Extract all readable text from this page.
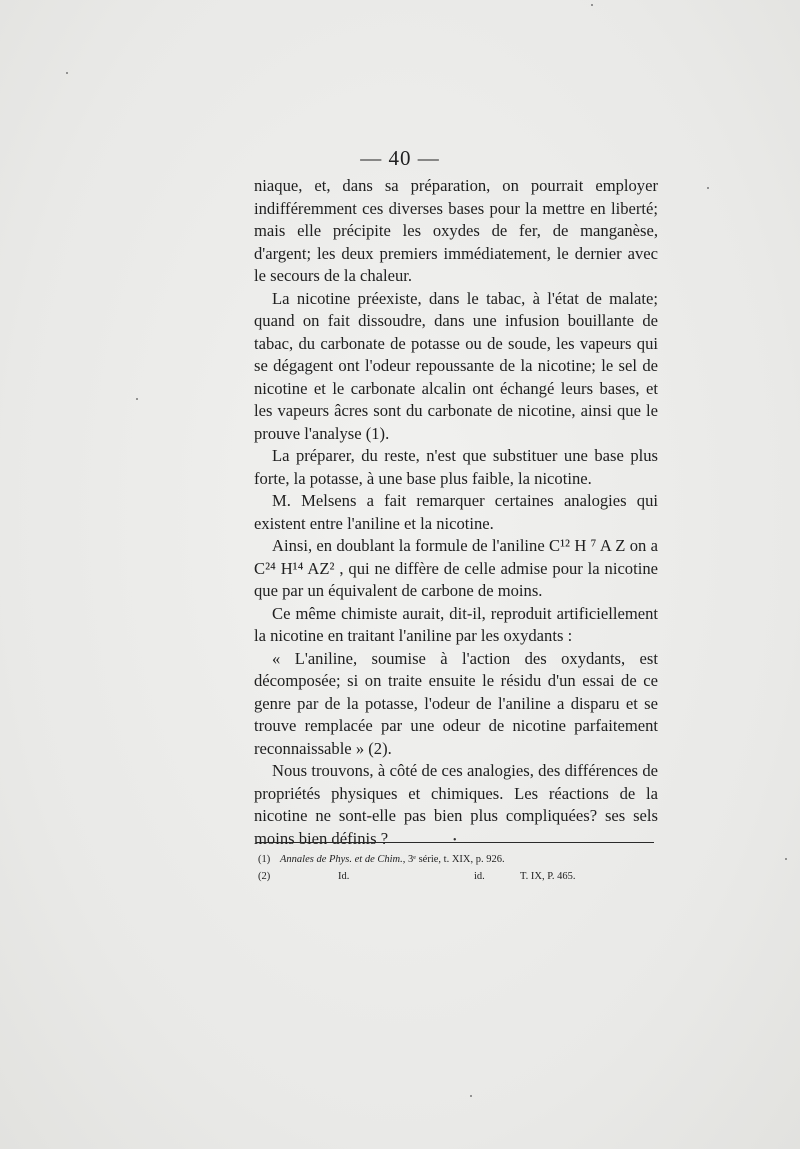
— 40 —

niaque, et, dans sa préparation, on pourrait employer indifféremment ces diverses bases pour la mettre en liberté; mais elle précipite les oxydes de fer, de manganèse, d'argent; les deux premiers immédiatement, le dernier avec le secours de la chaleur.

La nicotine préexiste, dans le tabac, à l'état de malate; quand on fait dissoudre, dans une infusion bouillante de tabac, du carbonate de potasse ou de soude, les vapeurs qui se dégagent ont l'odeur repoussante de la nicotine; le sel de nicotine et le carbonate alcalin ont échangé leurs bases, et les vapeurs âcres sont du carbonate de nicotine, ainsi que le prouve l'analyse (1).

La préparer, du reste, n'est que substituer une base plus forte, la potasse, à une base plus faible, la nicotine.

M. Melsens a fait remarquer certaines analogies qui existent entre l'aniline et la nicotine.

Ainsi, en doublant la formule de l'aniline C¹² H ⁷ A Z on a C²⁴ H¹⁴ AZ² , qui ne diffère de celle admise pour la nicotine que par un équivalent de carbone de moins.

Ce même chimiste aurait, dit-il, reproduit artificiellement la nicotine en traitant l'aniline par les oxydants :

« L'aniline, soumise à l'action des oxydants, est décomposée; si on traite ensuite le résidu d'un essai de ce genre par de la potasse, l'odeur de l'aniline a disparu et se trouve remplacée par une odeur de nicotine parfaitement reconnaissable » (2).

Nous trouvons, à côté de ces analogies, des différences de propriétés physiques et chimiques. Les réactions de la nicotine ne sont-elle pas bien plus compliquées? ses sels moins bien définis ?	•
(1) Annales de Phys. et de Chim., 3ᵉ série, t. XIX, p. 926.
(2)	Id.	id.	T. IX, P. 465.
